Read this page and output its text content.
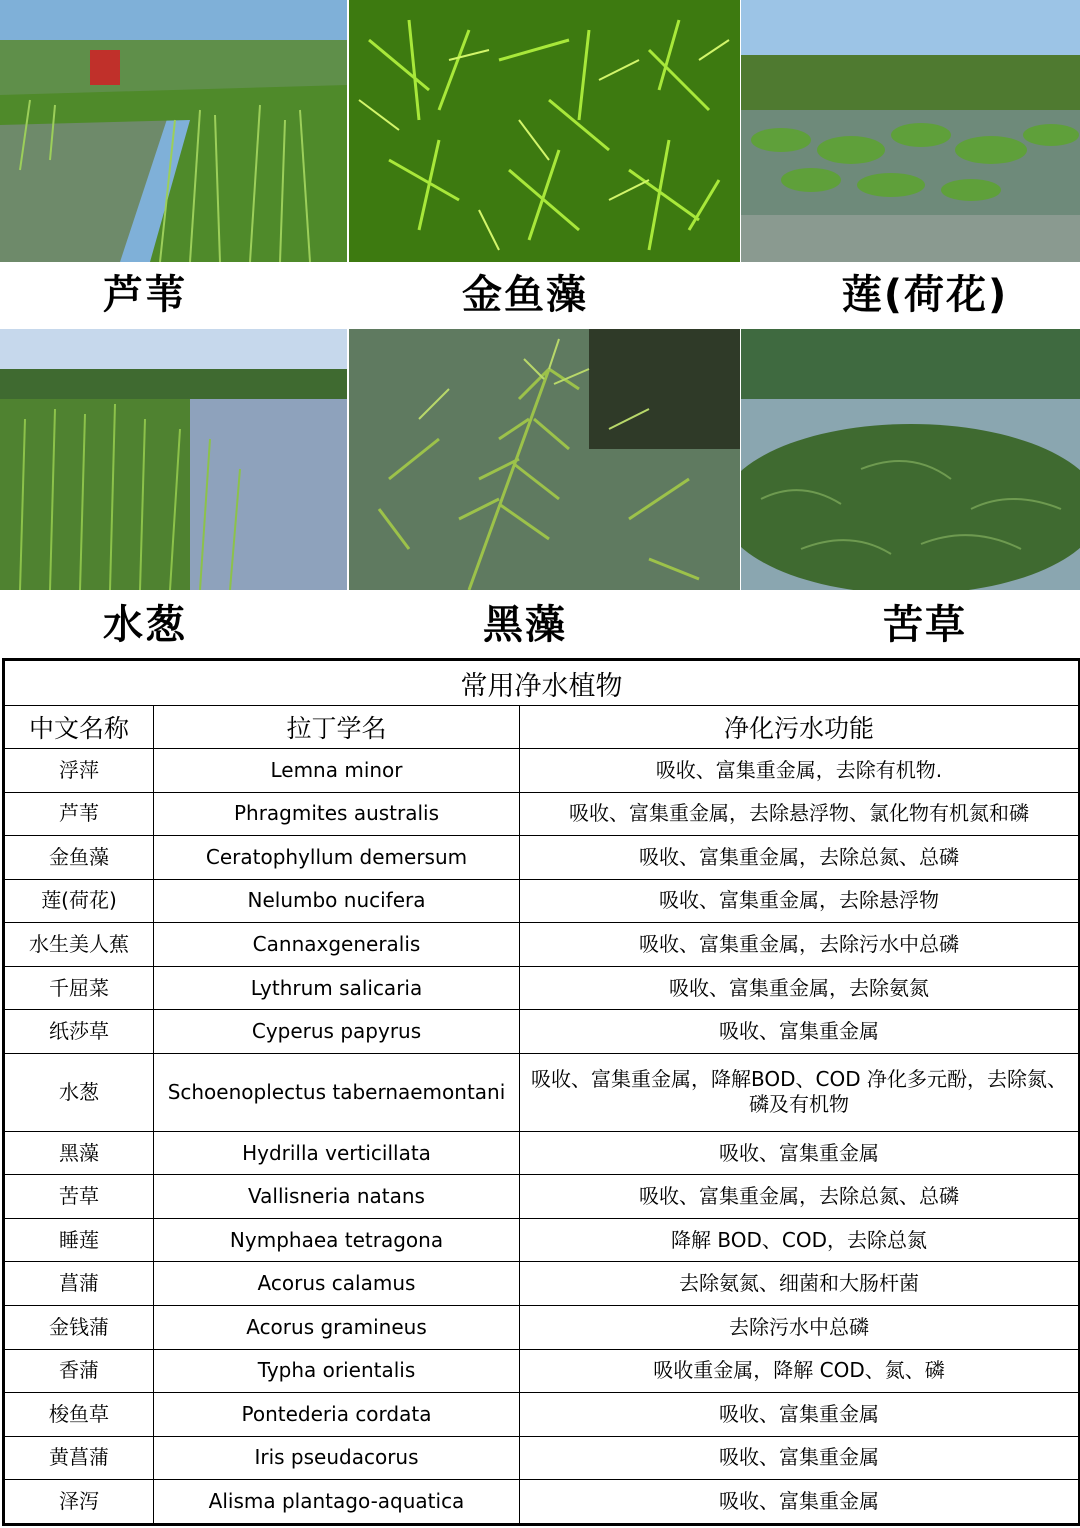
芦苇	金鱼藻	莲(荷花)
水葱	黑藻	苦草
常用净水植物		
中文名称	拉丁学名	净化污水功能
浮萍	Lemna minor	吸收、富集重金属，去除有机物.
芦苇	Phragmites australis	吸收、富集重金属，去除悬浮物、氯化物有机氮和磷
金鱼藻	Ceratophyllum demersum	吸收、富集重金属，去除总氮、总磷
莲(荷花)	Nelumbo nucifera	吸收、富集重金属，去除悬浮物
水生美人蕉	Cannaxgeneralis	吸收、富集重金属，去除污水中总磷
千屈菜	Lythrum salicaria	吸收、富集重金属，去除氨氮
纸莎草	Cyperus papyrus	吸收、富集重金属
水葱	Schoenoplectus tabernaemontani	吸收、富集重金属，降解BOD、COD 净化多元酚，去除氮、磷及有机物
黑藻	Hydrilla verticillata	吸收、富集重金属
苦草	Vallisneria natans	吸收、富集重金属，去除总氮、总磷
睡莲	Nymphaea tetragona	降解 BOD、COD，去除总氮
菖蒲	Acorus calamus	去除氨氮、细菌和大肠杆菌
金钱蒲	Acorus gramineus	去除污水中总磷
香蒲	Typha orientalis	吸收重金属，降解 COD、氮、磷
梭鱼草	Pontederia cordata	吸收、富集重金属
黄菖蒲	Iris pseudacorus	吸收、富集重金属
泽泻	Alisma plantago-aquatica	吸收、富集重金属
